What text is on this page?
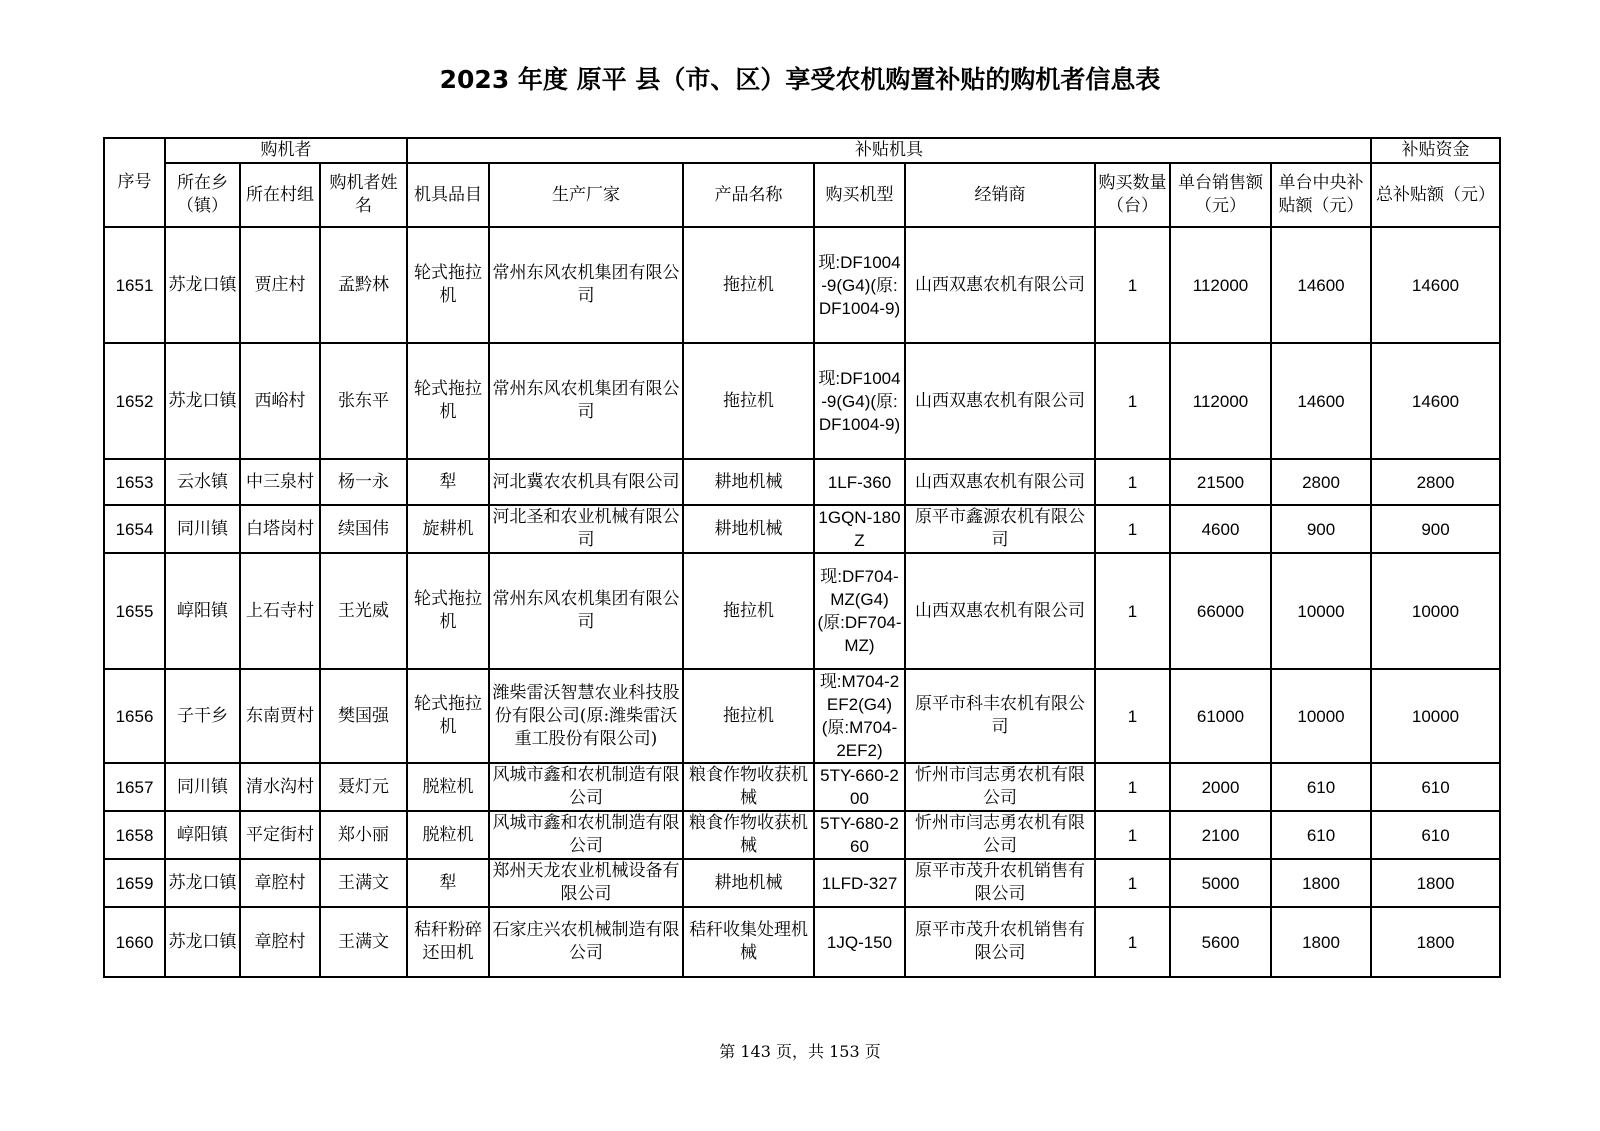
2023 年度 原平 县（市、区）享受农机购置补贴的购机者信息表
序号	购机者			补贴机具								补贴资金
	所在乡（镇）	所在村组	购机者姓名	机具品目	生产厂家	产品名称	购买机型	经销商	购买数量（台）	单台销售额（元）	单台中央补贴额（元）	总补贴额（元）
1651	苏龙口镇	贾庄村	孟黔林	轮式拖拉机	常州东风农机集团有限公司	拖拉机	现:DF1004-9(G4)(原:DF1004-9)	山西双惠农机有限公司	1	112000	14600	14600
1652	苏龙口镇	西峪村	张东平	轮式拖拉机	常州东风农机集团有限公司	拖拉机	现:DF1004-9(G4)(原:DF1004-9)	山西双惠农机有限公司	1	112000	14600	14600
1653	云水镇	中三泉村	杨一永	犁	河北冀农农机具有限公司	耕地机械	1LF-360	山西双惠农机有限公司	1	21500	2800	2800
1654	同川镇	白塔岗村	续国伟	旋耕机	河北圣和农业机械有限公司	耕地机械	1GQN-180Z	原平市鑫源农机有限公司	1	4600	900	900
1655	崞阳镇	上石寺村	王光威	轮式拖拉机	常州东风农机集团有限公司	拖拉机	现:DF704-MZ(G4)(原:DF704-MZ)	山西双惠农机有限公司	1	66000	10000	10000
1656	子干乡	东南贾村	樊国强	轮式拖拉机	潍柴雷沃智慧农业科技股份有限公司(原:潍柴雷沃重工股份有限公司)	拖拉机	现:M704-2EF2(G4)(原:M704-2EF2)	原平市科丰农机有限公司	1	61000	10000	10000
1657	同川镇	清水沟村	聂灯元	脱粒机	风城市鑫和农机制造有限公司	粮食作物收获机械	5TY-660-200	忻州市闫志勇农机有限公司	1	2000	610	610
1658	崞阳镇	平定街村	郑小丽	脱粒机	风城市鑫和农机制造有限公司	粮食作物收获机械	5TY-680-260	忻州市闫志勇农机有限公司	1	2100	610	610
1659	苏龙口镇	章腔村	王满文	犁	郑州天龙农业机械设备有限公司	耕地机械	1LFD-327	原平市茂升农机销售有限公司	1	5000	1800	1800
1660	苏龙口镇	章腔村	王满文	秸秆粉碎还田机	石家庄兴农机械制造有限公司	秸秆收集处理机械	1JQ-150	原平市茂升农机销售有限公司	1	5600	1800	1800
第 143 页，共 153 页
